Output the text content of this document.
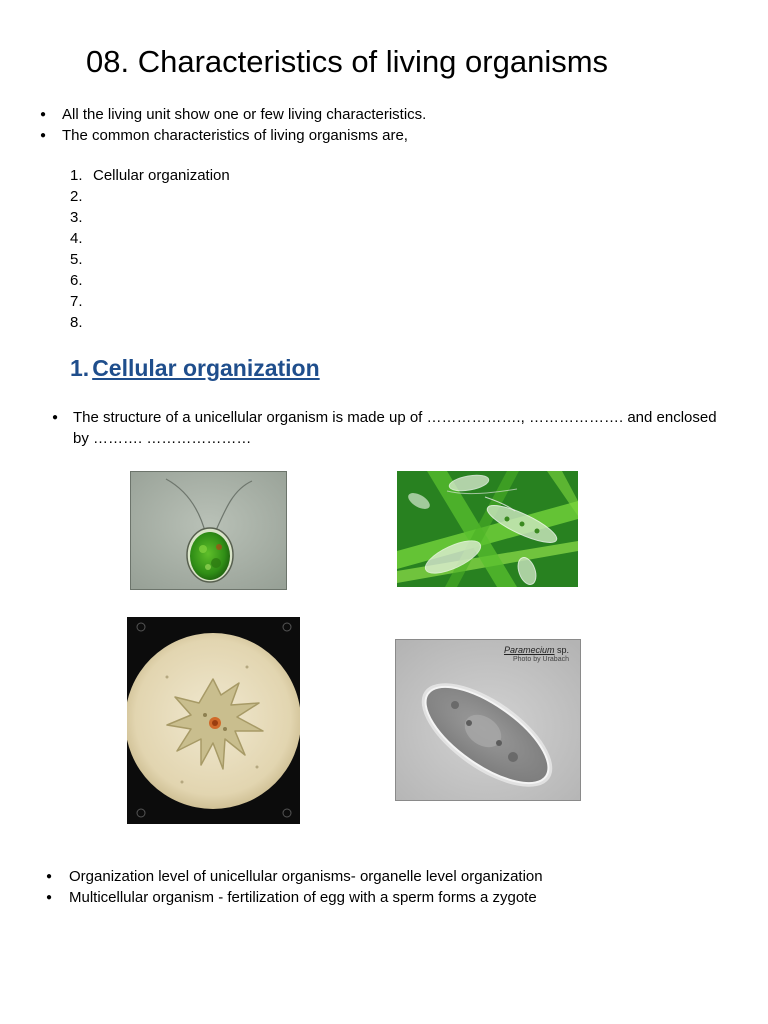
08. Characteristics of living organisms
● All the living unit show one or few living characteristics.
● The common characteristics of living organisms are,
1. Cellular organization
2.
3.
4.
5.
6.
7.
8.
1. Cellular organization
● The structure of a unicellular organism is made up of ………………., ………………. and enclosed by ………. …………………
Paramecium sp.
Photo by Urabach
● Organization level of unicellular organisms- organelle level organization
● Multicellular organism - fertilization of egg with a sperm forms a zygote
